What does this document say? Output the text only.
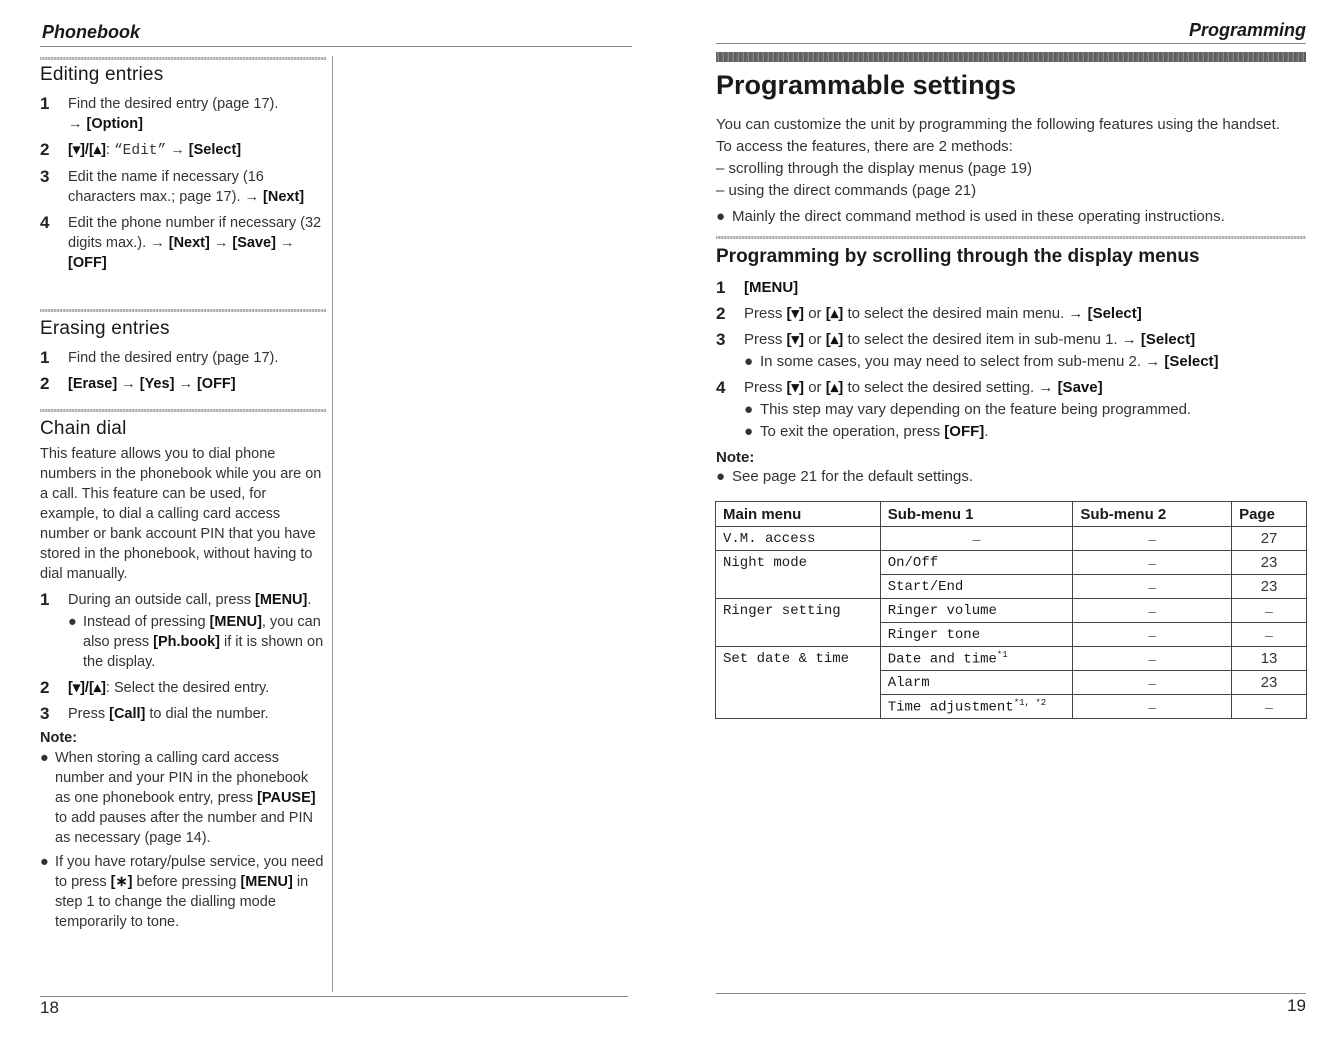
Phonebook
Editing entries
1	Find the desired entry (page 17).
→ [Option]
2	[▾]/[▴]: “Edit” → [Select]
3	Edit the name if necessary (16 characters max.; page 17). → [Next]
4	Edit the phone number if necessary (32 digits max.). → [Next] → [Save] → [OFF]
Erasing entries
1	Find the desired entry (page 17).
2	[Erase] → [Yes] → [OFF]
Chain dial
This feature allows you to dial phone numbers in the phonebook while you are on a call. This feature can be used, for example, to dial a calling card access number or bank account PIN that you have stored in the phonebook, without having to dial manually.
1	During an outside call, press [MENU].
● Instead of pressing [MENU], you can also press [Ph.book] if it is shown on the display.
2	[▾]/[▴]: Select the desired entry.
3	Press [Call] to dial the number.
Note:
● When storing a calling card access number and your PIN in the phonebook as one phonebook entry, press [PAUSE] to add pauses after the number and PIN as necessary (page 14).
● If you have rotary/pulse service, you need to press [∗] before pressing [MENU] in step 1 to change the dialling mode temporarily to tone.
18
Programming
Programmable settings
You can customize the unit by programming the following features using the handset.
To access the features, there are 2 methods:
– scrolling through the display menus (page 19)
– using the direct commands (page 21)
● Mainly the direct command method is used in these operating instructions.
Programming by scrolling through the display menus
1	[MENU]
2	Press [▾] or [▴] to select the desired main menu. → [Select]
3	Press [▾] or [▴] to select the desired item in sub-menu 1. → [Select]
● In some cases, you may need to select from sub-menu 2. → [Select]
4	Press [▾] or [▴] to select the desired setting. → [Save]
● This step may vary depending on the feature being programmed.
● To exit the operation, press [OFF].
Note:
● See page 21 for the default settings.
Main menu	Sub-menu 1	Sub-menu 2	Page
V.M. access	–	–	27
Night mode	On/Off	–	23
	Start/End	–	23
Ringer setting	Ringer volume	–	–
	Ringer tone	–	–
Set date & time	Date and time$^{*1}$	–	13
	Alarm	–	23
	Time adjustment$^{*1, *2}$	–	–
19
